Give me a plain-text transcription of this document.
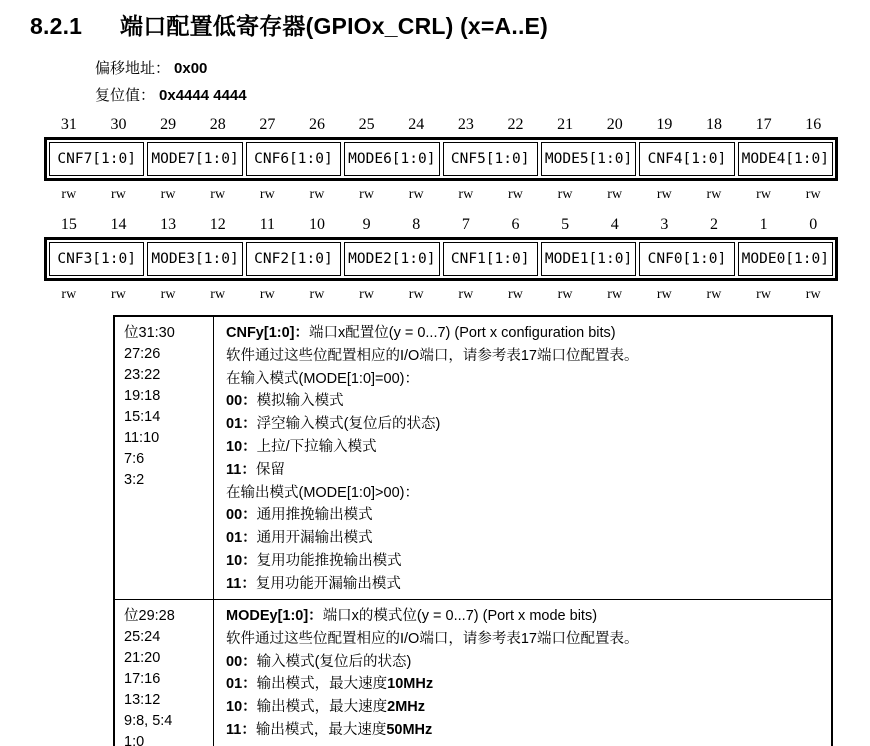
8.2.1 端口配置低寄存器(GPIOx_CRL) (x=A..E)
偏移地址： 0x00
复位值： 0x4444 4444
31	30	29	28	27	26	25	24	23	22	21	20	19	18	17	16
CNF7[1:0]	MODE7[1:0]	CNF6[1:0]	MODE6[1:0]	CNF5[1:0]	MODE5[1:0]	CNF4[1:0]	MODE4[1:0]
rw	rw	rw	rw	rw	rw	rw	rw	rw	rw	rw	rw	rw	rw	rw	rw
15	14	13	12	11	10	9	8	7	6	5	4	3	2	1	0
CNF3[1:0]	MODE3[1:0]	CNF2[1:0]	MODE2[1:0]	CNF1[1:0]	MODE1[1:0]	CNF0[1:0]	MODE0[1:0]
rw	rw	rw	rw	rw	rw	rw	rw	rw	rw	rw	rw	rw	rw	rw	rw
位31:30
27:26
23:22
19:18
15:14
11:10
7:6
3:2

CNFy[1:0]：端口x配置位(y = 0...7) (Port x configuration bits)
软件通过这些位配置相应的I/O端口，请参考表17端口位配置表。
在输入模式(MODE[1:0]=00)：
00：模拟输入模式
01：浮空输入模式(复位后的状态)
10：上拉/下拉输入模式
11：保留
在输出模式(MODE[1:0]>00)：
00：通用推挽输出模式
01：通用开漏输出模式
10：复用功能推挽输出模式
11：复用功能开漏输出模式

位29:28
25:24
21:20
17:16
13:12
9:8, 5:4
1:0

MODEy[1:0]：端口x的模式位(y = 0...7) (Port x mode bits)
软件通过这些位配置相应的I/O端口，请参考表17端口位配置表。
00：输入模式(复位后的状态)
01：输出模式，最大速度10MHz
10：输出模式，最大速度2MHz
11：输出模式，最大速度50MHz
